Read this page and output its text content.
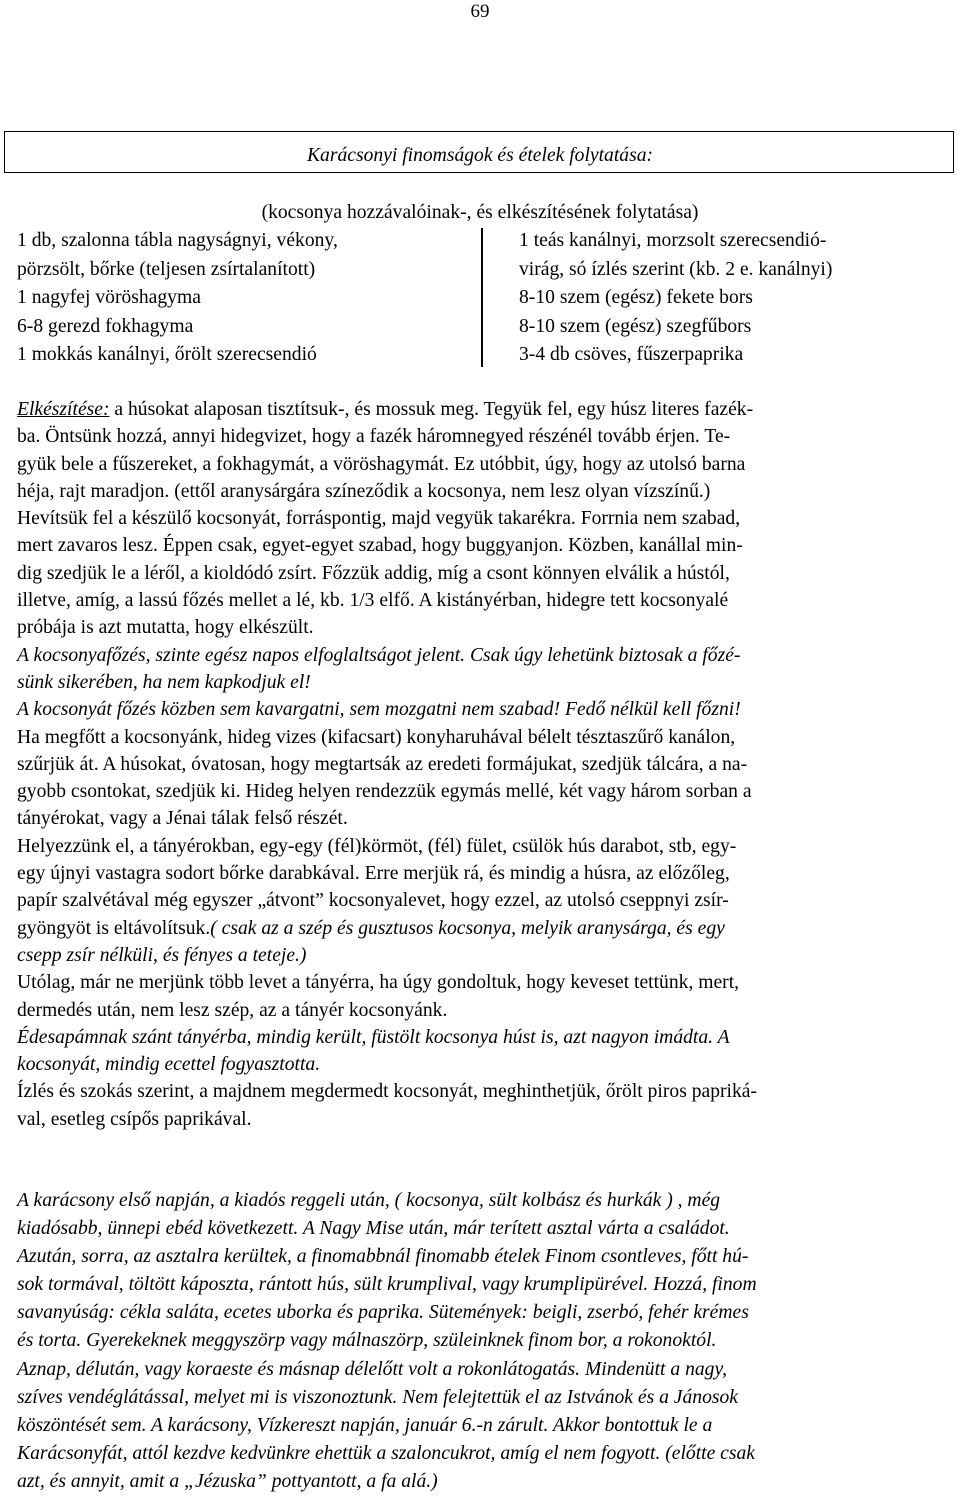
69
Karácsonyi finomságok és ételek folytatása:
(kocsonya hozzávalóinak-, és elkészítésének folytatása)
1 db, szalonna tábla nagyságnyi, vékony,
pörzsölt, bőrke (teljesen zsírtalanított)
1 nagyfej vöröshagyma
6-8 gerezd fokhagyma
1 mokkás kanálnyi, őrölt szerecsendió
1 teás kanálnyi, morzsolt szerecsendió-
virág, só ízlés szerint (kb. 2 e. kanálnyi)
8-10 szem (egész) fekete bors
8-10 szem (egész) szegfűbors
3-4 db csöves, fűszerpaprika
Elkészítése: a húsokat alaposan tisztítsuk-, és mossuk meg. Tegyük fel, egy húsz literes fazék-
ba. Öntsünk hozzá, annyi hidegvizet, hogy a fazék háromnegyed részénél tovább érjen. Te-
gyük bele a fűszereket, a fokhagymát, a vöröshagymát. Ez utóbbit, úgy, hogy az utolsó barna
héja, rajt maradjon. (ettől aranysárgára színeződik a kocsonya, nem lesz olyan vízszínű.)
Hevítsük fel a készülő kocsonyát, forráspontig, majd vegyük takarékra. Forrnia nem szabad,
mert zavaros lesz. Éppen csak, egyet-egyet szabad, hogy buggyanjon. Közben, kanállal min-
dig szedjük le a léről, a kioldódó zsírt. Főzzük addig, míg a csont könnyen elválik a hústól,
illetve, amíg, a lassú főzés mellet a lé, kb. 1/3 elfő. A kistányérban, hidegre tett kocsonyalé
próbája is azt mutatta, hogy elkészült.
A kocsonyafőzés, szinte egész napos elfoglaltságot jelent. Csak úgy lehetünk biztosak a főzé-
sünk sikerében, ha nem kapkodjuk el!
A kocsonyát főzés közben sem kavargatni, sem mozgatni nem szabad! Fedő nélkül kell főzni!
Ha megfőtt a kocsonyánk, hideg vizes (kifacsart) konyharuhával bélelt tésztaszűrő kanálon,
szűrjük át. A húsokat, óvatosan, hogy megtartsák az eredeti formájukat, szedjük tálcára, a na-
gyobb csontokat, szedjük ki. Hideg helyen rendezzük egymás mellé, két vagy három sorban a
tányérokat, vagy a Jénai tálak felső részét.
Helyezzünk el, a tányérokban, egy-egy (fél)körmöt, (fél) fület, csülök hús darabot, stb, egy-
egy újnyi vastagra sodort bőrke darabkával. Erre merjük rá, és mindig a húsra, az előzőleg,
papír szalvétával még egyszer „átvont” kocsonyalevet, hogy ezzel, az utolsó cseppnyi zsír-
gyöngyöt is eltávolítsuk.( csak az a szép és gusztusos kocsonya, melyik aranysárga, és egy
csepp zsír nélküli, és fényes a teteje.)
Utólag, már ne merjünk több levet a tányérra, ha úgy gondoltuk, hogy keveset tettünk, mert,
dermedés után, nem lesz szép, az a tányér kocsonyánk.
Édesapámnak szánt tányérba, mindig került, füstölt kocsonya húst is, azt nagyon imádta. A
kocsonyát, mindig ecettel fogyasztotta.
Ízlés és szokás szerint, a majdnem megdermedt kocsonyát, meghinthetjük, őrölt piros papriká-
val, esetleg csípős paprikával.
A karácsony első napján, a kiadós reggeli után, ( kocsonya, sült kolbász és hurkák ) , még
kiadósabb, ünnepi ebéd következett. A Nagy Mise után, már terített asztal várta a családot.
Azután, sorra, az asztalra kerültek, a finomabbnál finomabb ételek Finom csontleves, főtt hú-
sok tormával, töltött káposzta, rántott hús, sült krumplival, vagy krumplipürével. Hozzá, finom
savanyúság: cékla saláta, ecetes uborka és paprika. Sütemények: beigli, zserbó, fehér krémes
és torta. Gyerekeknek meggyszörp vagy málnaszörp, szüleinknek finom bor, a rokonoktól.
Aznap, délután, vagy koraeste és másnap délelőtt volt a rokonlátogatás. Mindenütt a nagy,
szíves vendéglátással, melyet mi is viszonoztunk. Nem felejtettük el az Istvánok és a Jánosok
köszöntését sem. A karácsony, Vízkereszt napján, január 6.-n zárult. Akkor bontottuk le a
Karácsonyfát, attól kezdve kedvünkre ehettük a szaloncukrot, amíg el nem fogyott. (előtte csak
azt, és annyit, amit a „Jézuska” pottyantott, a fa alá.)
